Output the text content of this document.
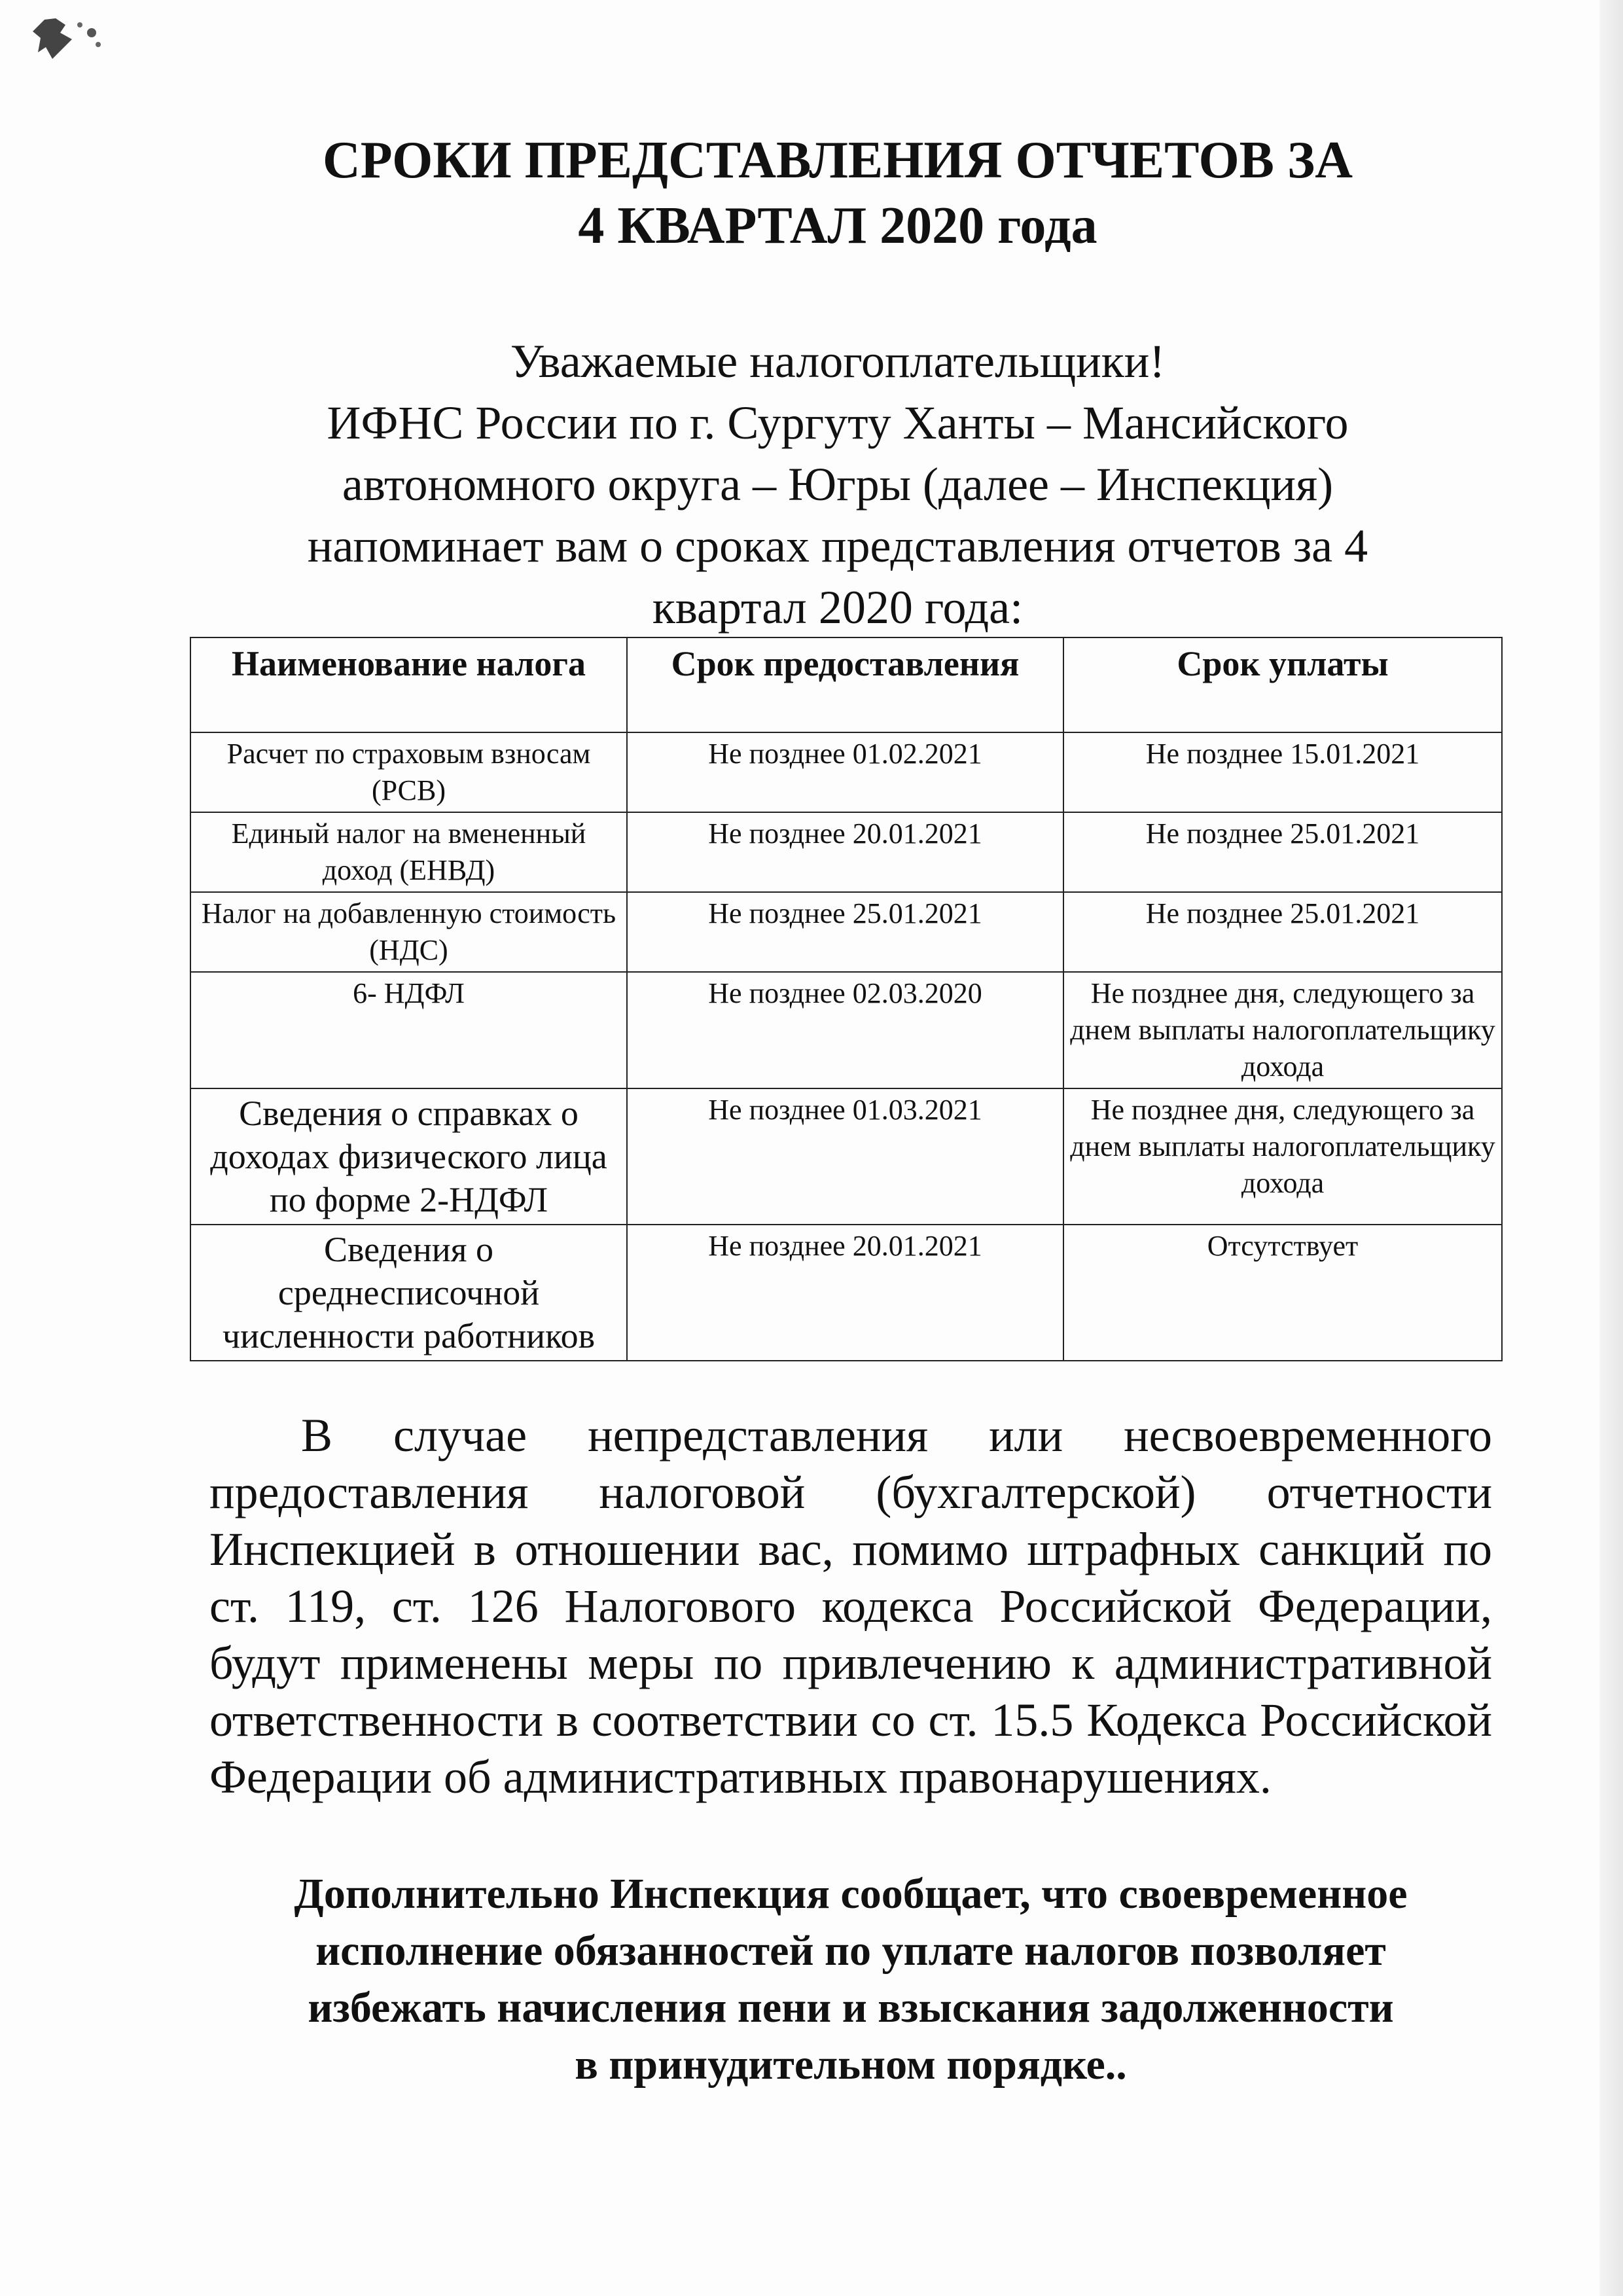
СРОКИ ПРЕДСТАВЛЕНИЯ ОТЧЕТОВ ЗА
4 КВАРТАЛ 2020 года
Уважаемые налогоплательщики!
ИФНС России по г. Сургуту Ханты – Мансийского
автономного округа – Югры (далее – Инспекция)
напоминает вам о сроках представления отчетов за 4
квартал 2020 года:
Наименование налога	Срок предоставления	Срок уплаты
Расчет по страховым взносам (РСВ)	Не позднее 01.02.2021	Не позднее 15.01.2021
Единый налог на вмененный доход (ЕНВД)	Не позднее 20.01.2021	Не позднее 25.01.2021
Налог на добавленную стоимость (НДС)	Не позднее 25.01.2021	Не позднее 25.01.2021
6- НДФЛ	Не позднее 02.03.2020	Не позднее дня, следующего за днем выплаты налогоплательщику дохода
Сведения о справках о доходах физического лица по форме 2-НДФЛ	Не позднее 01.03.2021	Не позднее дня, следующего за днем выплаты налогоплательщику дохода
Сведения о среднесписочной численности работников	Не позднее 20.01.2021	Отсутствует
В случае непредставления или несвоевременного предоставления налоговой (бухгалтерской) отчетности Инспекцией в отношении вас, помимо штрафных санкций по ст. 119, ст. 126 Налогового кодекса Российской Федерации, будут применены меры по привлечению к административной ответственности в соответствии со ст. 15.5 Кодекса Российской Федерации об административных правонарушениях.
Дополнительно Инспекция сообщает, что своевременное
исполнение обязанностей по уплате налогов позволяет
избежать начисления пени и взыскания задолженности
в принудительном порядке..
